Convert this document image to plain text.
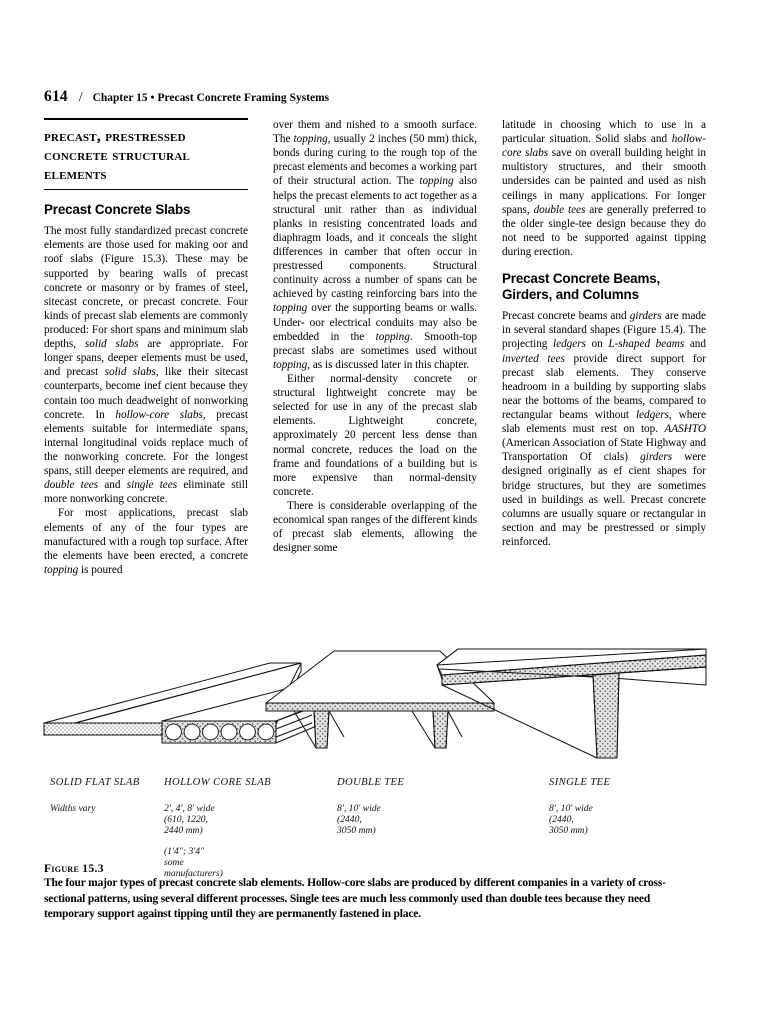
614 / Chapter 15 • Precast Concrete Framing Systems
precast, prestressed concrete structural elements
Precast Concrete Slabs

The most fully standardized precast concrete elements are those used for making oor and roof slabs (Figure 15.3). These may be supported by bearing walls of precast concrete or masonry or by frames of steel, sitecast concrete, or precast concrete. Four kinds of precast slab elements are commonly produced: For short spans and minimum slab depths, solid slabs are appropriate. For longer spans, deeper elements must be used, and precast solid slabs, like their sitecast counterparts, become inef cient because they contain too much deadweight of nonworking concrete. In hollow-core slabs, precast elements suitable for intermediate spans, internal longitudinal voids replace much of the nonworking concrete. For the longest spans, still deeper elements are required, and double tees and single tees eliminate still more nonworking concrete.

For most applications, precast slab elements of any of the four types are manufactured with a rough top surface. After the elements have been erected, a concrete topping is poured

over them and nished to a smooth surface. The topping, usually 2 inches (50 mm) thick, bonds during curing to the rough top of the precast elements and becomes a working part of their structural action. The topping also helps the precast elements to act together as a structural unit rather than as individual planks in resisting concentrated loads and diaphragm loads, and it conceals the slight differences in camber that often occur in prestressed components. Structural continuity across a number of spans can be achieved by casting reinforcing bars into the topping over the supporting beams or walls. Under- oor electrical conduits may also be embedded in the topping. Smooth-top precast slabs are sometimes used without topping, as is discussed later in this chapter.

Either normal-density concrete or structural lightweight concrete may be selected for use in any of the precast slab elements. Lightweight concrete, approximately 20 percent less dense than normal concrete, reduces the load on the frame and foundations of a building but is more expensive than normal-density concrete.

There is considerable overlapping of the economical span ranges of the different kinds of precast slab elements, allowing the designer some

latitude in choosing which to use in a particular situation. Solid slabs and hollow-core slabs save on overall building height in multistory structures, and their smooth undersides can be painted and used as nish ceilings in many applications. For longer spans, double tees are generally preferred to the older single-tee design because they do not need to be supported against tipping during erection.

Precast Concrete Beams, Girders, and Columns

Precast concrete beams and girders are made in several standard shapes (Figure 15.4). The projecting ledgers on L-shaped beams and inverted tees provide direct support for precast slab elements. They conserve headroom in a building by supporting slabs near the bottoms of the beams, compared to rectangular beams without ledgers, where slab elements must rest on top. AASHTO (American Association of State Highway and Transportation Of cials) girders were designed originally as ef cient shapes for bridge structures, but they are sometimes used in buildings as well. Precast concrete columns are usually square or rectangular in section and may be prestressed or simply reinforced.

SOLID FLAT SLAB
Widths vary
HOLLOW CORE SLAB
2', 4', 8' wide
(610, 1220,
2440 mm)
(1'4"; 3'4"
some
manufacturers)
DOUBLE TEE
8', 10' wide
(2440,
3050 mm)
SINGLE TEE
8', 10' wide
(2440,
3050 mm)
Figure 15.3
The four major types of precast concrete slab elements. Hollow-core slabs are produced by different companies in a variety of cross-sectional patterns, using several different processes. Single tees are much less commonly used than double tees because they need temporary support against tipping until they are permanently fastened in place.
